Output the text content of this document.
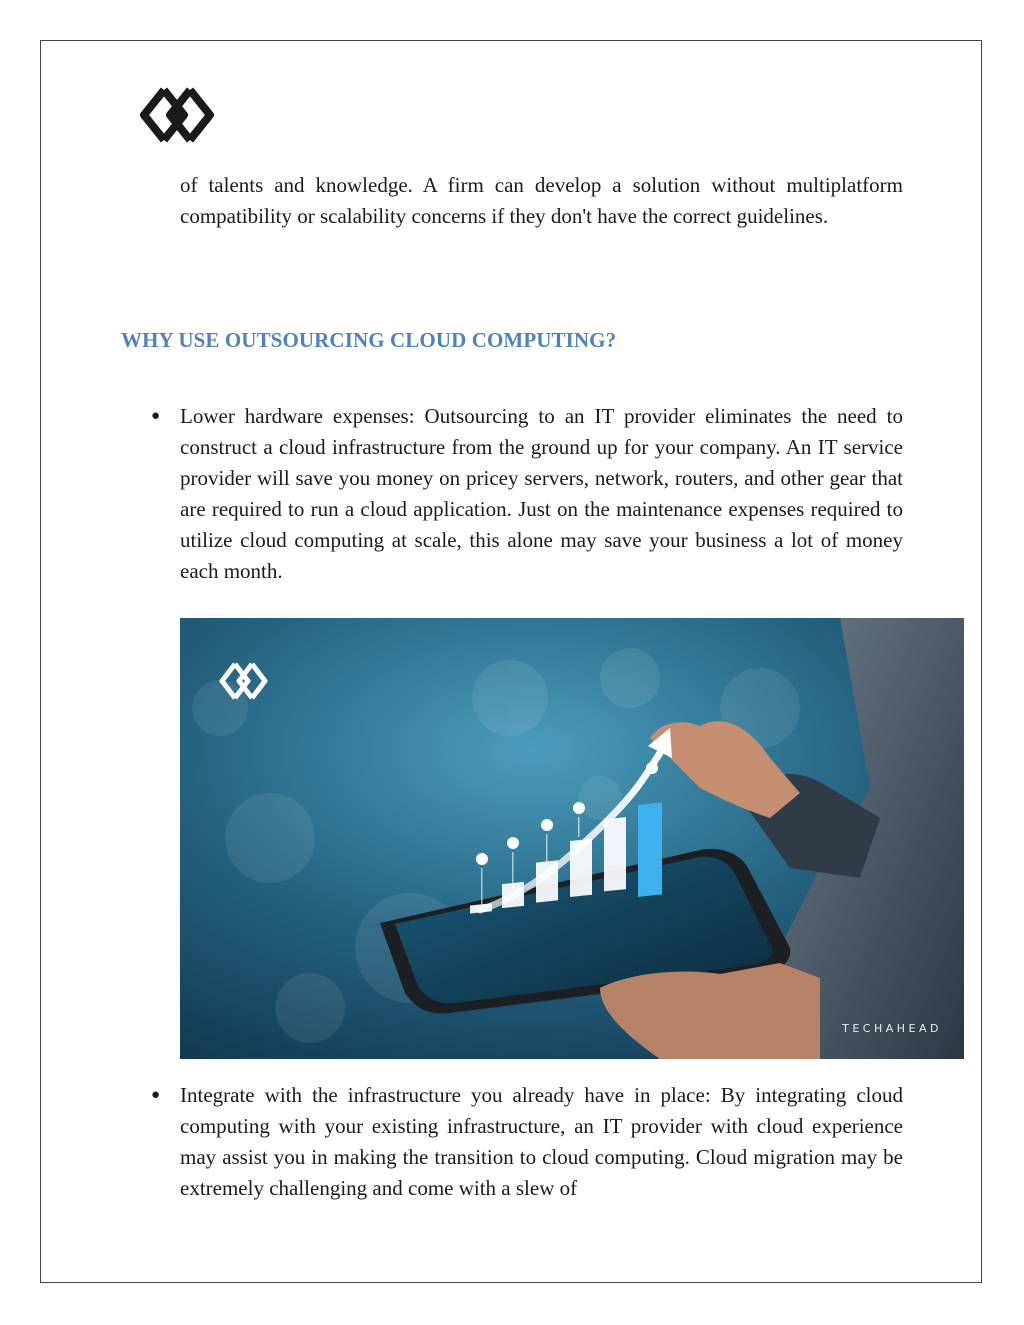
of talents and knowledge. A firm can develop a solution without multiplatform compatibility or scalability concerns if they don't have the correct guidelines.

WHY USE OUTSOURCING CLOUD COMPUTING?
● Lower hardware expenses: Outsourcing to an IT provider eliminates the need to construct a cloud infrastructure from the ground up for your company. An IT service provider will save you money on pricey servers, network, routers, and other gear that are required to run a cloud application. Just on the maintenance expenses required to utilize cloud computing at scale, this alone may save your business a lot of money each month.

TECHAHEAD
● Integrate with the infrastructure you already have in place: By integrating cloud computing with your existing infrastructure, an IT provider with cloud experience may assist you in making the transition to cloud computing. Cloud migration may be extremely challenging and come with a slew of
